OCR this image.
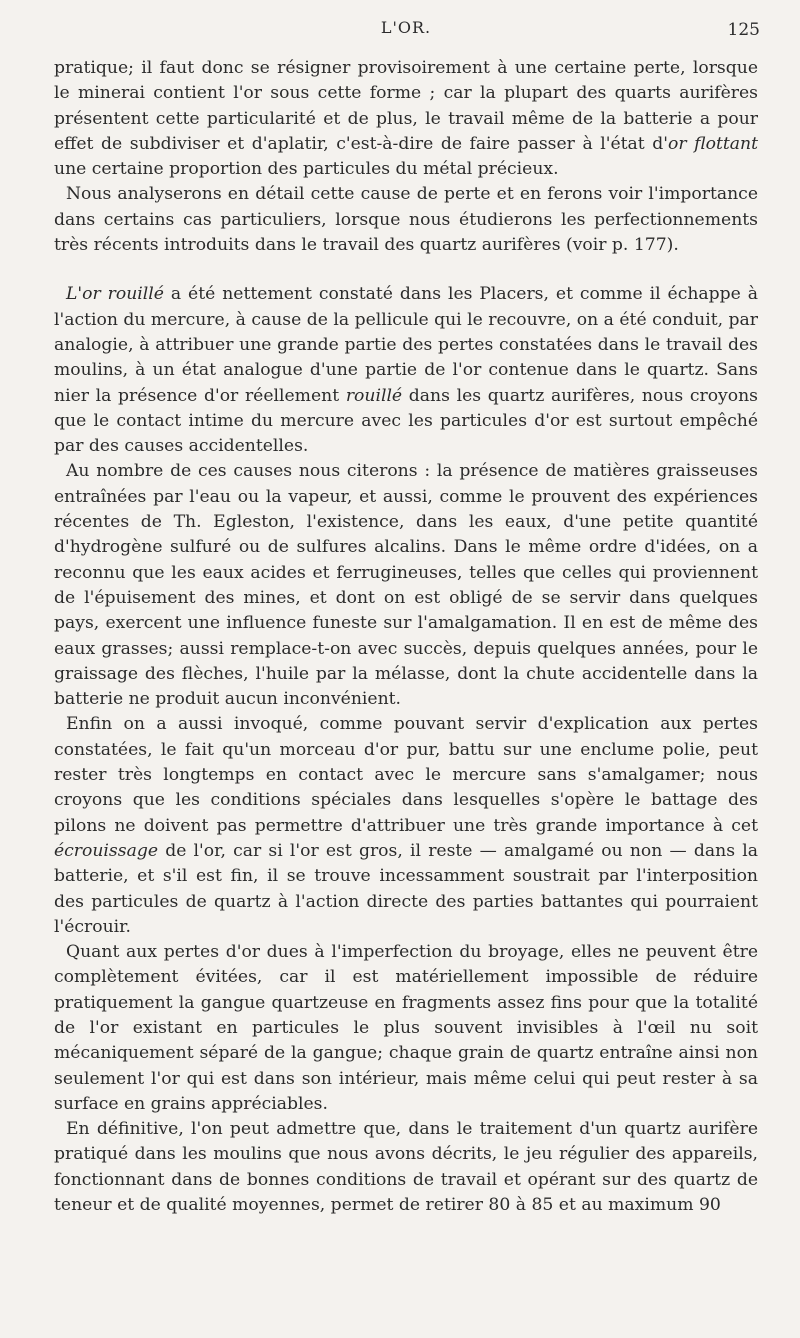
L'OR.	125

pratique; il faut donc se résigner provisoirement à une certaine perte, lorsque le minerai contient l'or sous cette forme ; car la plupart des quarts aurifères présentent cette particularité et de plus, le travail même de la batterie a pour effet de subdiviser et d'aplatir, c'est-à-dire de faire passer à l'état d'or flottant une certaine proportion des particules du métal précieux.

Nous analyserons en détail cette cause de perte et en ferons voir l'importance dans certains cas particuliers, lorsque nous étudierons les perfectionnements très récents introduits dans le travail des quartz aurifères (voir p. 177).

L'or rouillé a été nettement constaté dans les Placers, et comme il échappe à l'action du mercure, à cause de la pellicule qui le recouvre, on a été conduit, par analogie, à attribuer une grande partie des pertes constatées dans le travail des moulins, à un état analogue d'une partie de l'or contenue dans le quartz. Sans nier la présence d'or réellement rouillé dans les quartz aurifères, nous croyons que le contact intime du mercure avec les particules d'or est surtout empêché par des causes accidentelles.

Au nombre de ces causes nous citerons : la présence de matières graisseuses entraînées par l'eau ou la vapeur, et aussi, comme le prouvent des expériences récentes de Th. Egleston, l'existence, dans les eaux, d'une petite quantité d'hydrogène sulfuré ou de sulfures alcalins. Dans le même ordre d'idées, on a reconnu que les eaux acides et ferrugineuses, telles que celles qui proviennent de l'épuisement des mines, et dont on est obligé de se servir dans quelques pays, exercent une influence funeste sur l'amalgamation. Il en est de même des eaux grasses; aussi remplace-t-on avec succès, depuis quelques années, pour le graissage des flèches, l'huile par la mélasse, dont la chute accidentelle dans la batterie ne produit aucun inconvénient.

Enfin on a aussi invoqué, comme pouvant servir d'explication aux pertes constatées, le fait qu'un morceau d'or pur, battu sur une enclume polie, peut rester très longtemps en contact avec le mercure sans s'amalgamer; nous croyons que les conditions spéciales dans lesquelles s'opère le battage des pilons ne doivent pas permettre d'attribuer une très grande importance à cet écrouissage de l'or, car si l'or est gros, il reste — amalgamé ou non — dans la batterie, et s'il est fin, il se trouve incessamment soustrait par l'interposition des particules de quartz à l'action directe des parties battantes qui pourraient l'écrouir.

Quant aux pertes d'or dues à l'imperfection du broyage, elles ne peuvent être complètement évitées, car il est matériellement impossible de réduire pratiquement la gangue quartzeuse en fragments assez fins pour que la totalité de l'or existant en particules le plus souvent invisibles à l'œil nu soit mécaniquement séparé de la gangue; chaque grain de quartz entraîne ainsi non seulement l'or qui est dans son intérieur, mais même celui qui peut rester à sa surface en grains appréciables.

En définitive, l'on peut admettre que, dans le traitement d'un quartz aurifère pratiqué dans les moulins que nous avons décrits, le jeu régulier des appareils, fonctionnant dans de bonnes conditions de travail et opérant sur des quartz de teneur et de qualité moyennes, permet de retirer 80 à 85 et au maximum 90
